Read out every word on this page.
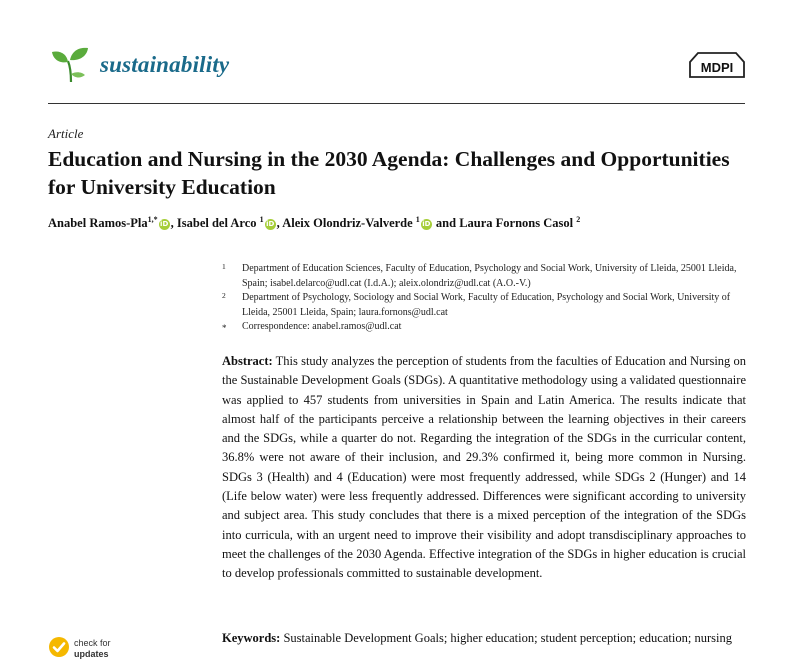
sustainability	MDPI
Article
Education and Nursing in the 2030 Agenda: Challenges and Opportunities for University Education
Anabel Ramos-Pla$^{1,*}$ iD , Isabel del Arco $^1$ iD , Aleix Olondriz-Valverde $^1$ iD and Laura Fornons Casol $^2$
1 Department of Education Sciences, Faculty of Education, Psychology and Social Work, University of Lleida, 25001 Lleida, Spain; isabel.delarco@udl.cat (I.d.A.); aleix.olondriz@udl.cat (A.O.-V.)
2 Department of Psychology, Sociology and Social Work, Faculty of Education, Psychology and Social Work, University of Lleida, 25001 Lleida, Spain; laura.fornons@udl.cat
* Correspondence: anabel.ramos@udl.cat
Abstract: This study analyzes the perception of students from the faculties of Education and Nursing on the Sustainable Development Goals (SDGs). A quantitative methodology using a validated questionnaire was applied to 457 students from universities in Spain and Latin America. The results indicate that almost half of the participants perceive a relationship between the learning objectives in their careers and the SDGs, while a quarter do not. Regarding the integration of the SDGs in the curricular content, 36.8% were not aware of their inclusion, and 29.3% confirmed it, being more common in Nursing. SDGs 3 (Health) and 4 (Education) were most frequently addressed, while SDGs 2 (Hunger) and 14 (Life below water) were less frequently addressed. Differences were significant according to university and subject area. This study concludes that there is a mixed perception of the integration of the SDGs into curricula, with an urgent need to improve their visibility and adopt transdisciplinary approaches to meet the challenges of the 2030 Agenda. Effective integration of the SDGs in higher education is crucial to develop professionals committed to sustainable development.
Keywords: Sustainable Development Goals; higher education; student perception; education; nursing
check for
updates
